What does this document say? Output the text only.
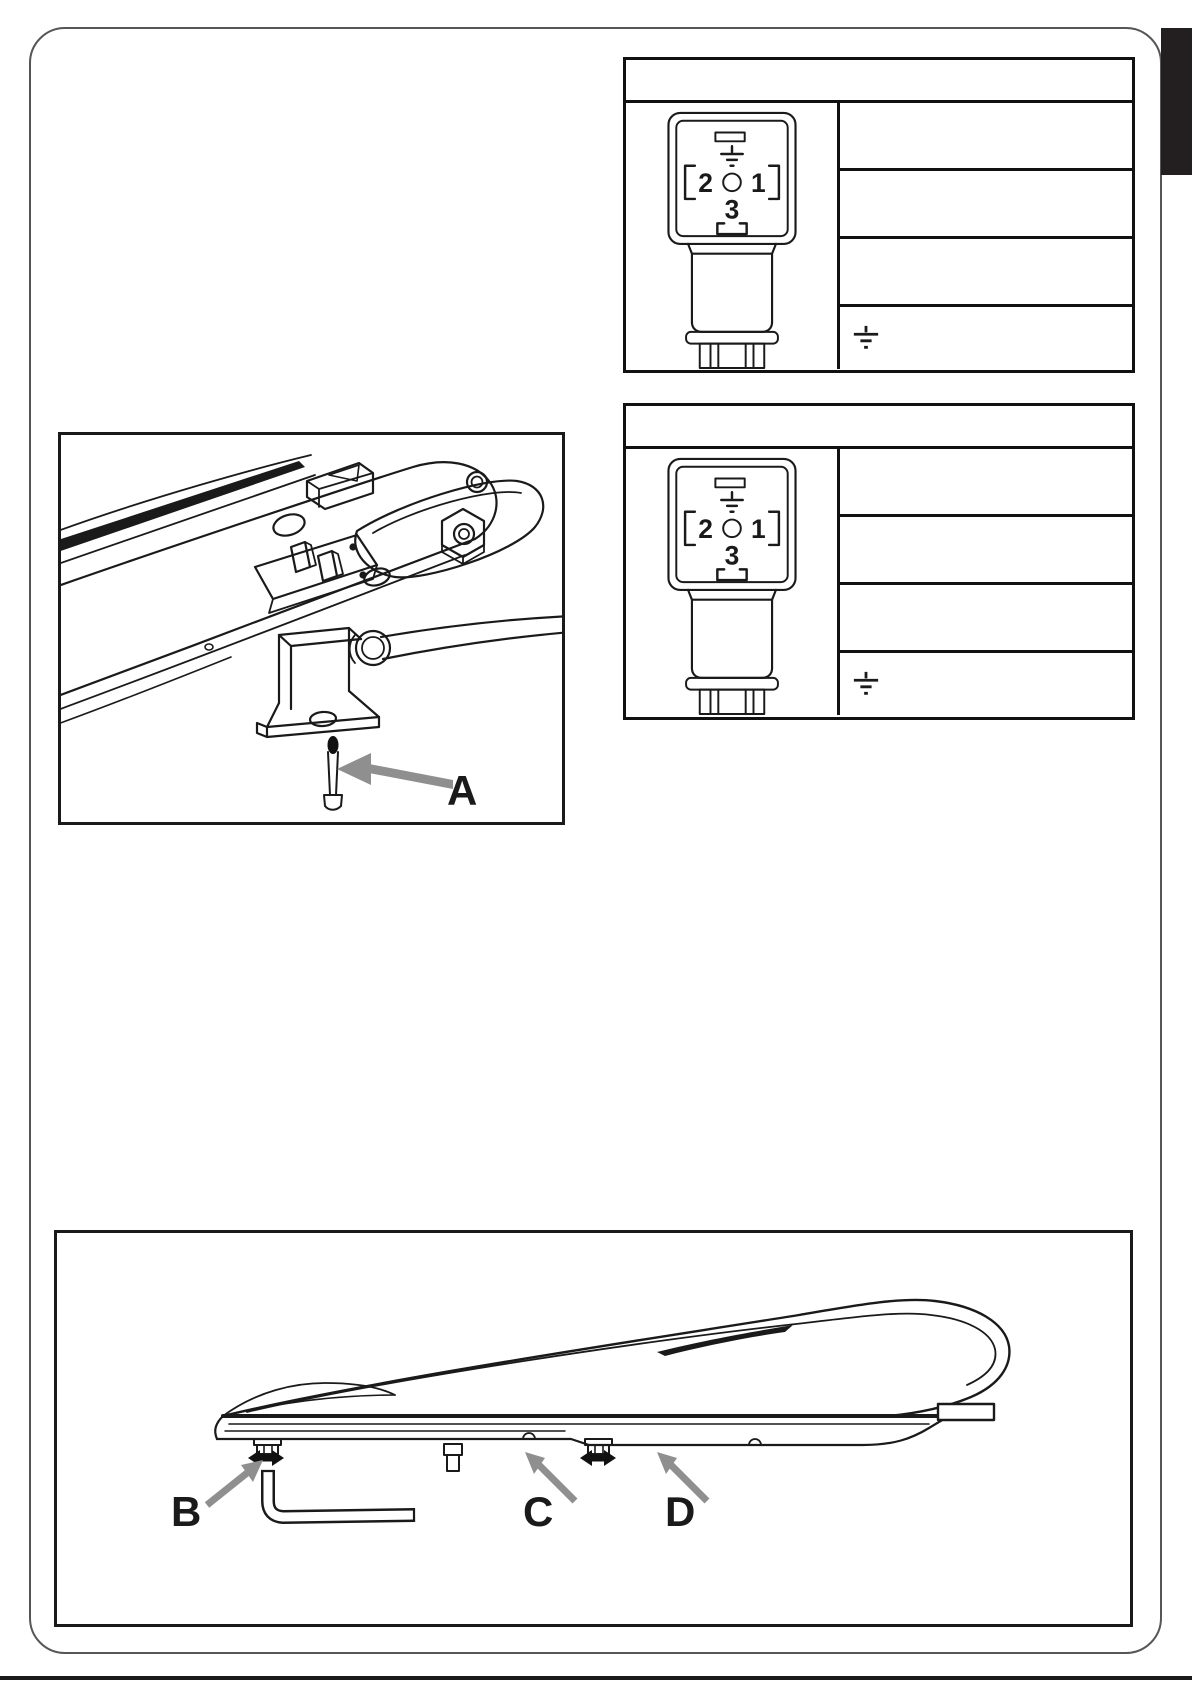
2 1
3
2 1
3
A
B	C	D
